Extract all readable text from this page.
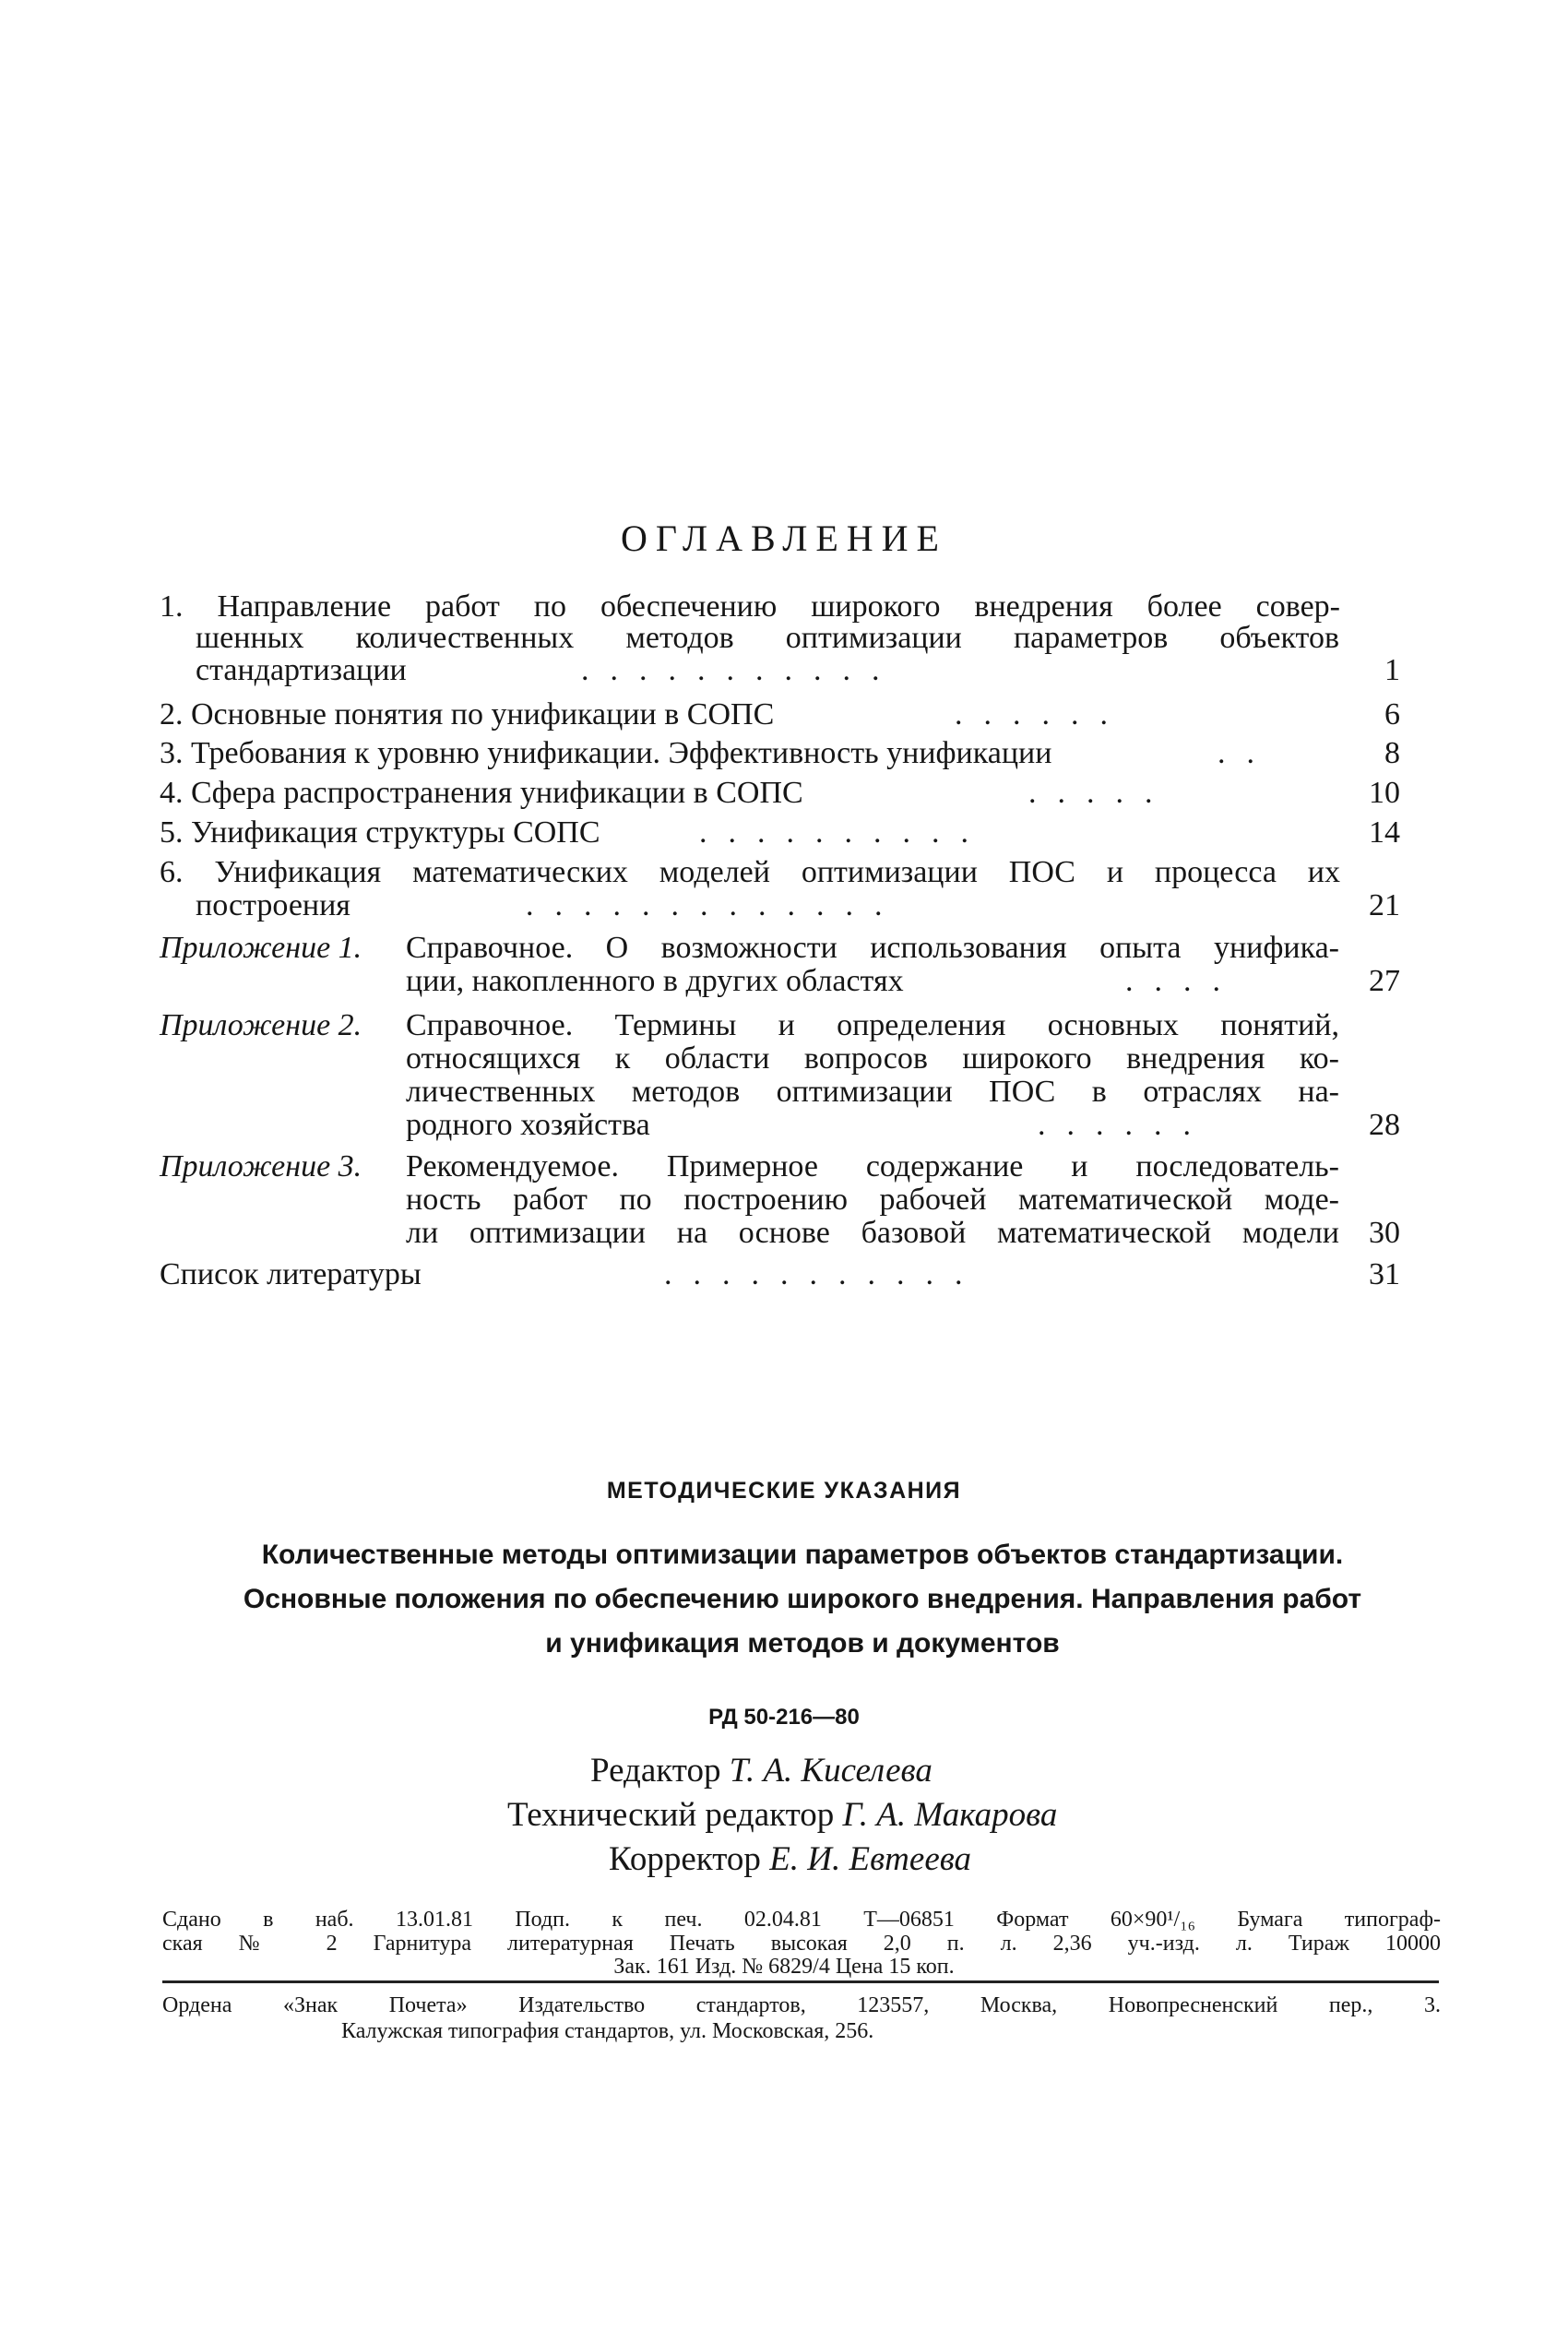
ОГЛАВЛЕНИЕ
1. Направление работ по обеспечению широкого внедрения более совер-
шенных количественных методов оптимизации параметров объектов
стандартизации	...........	1
2. Основные понятия по унификации в СОПС	......	6
3. Требования к уровню унификации. Эффективность унификации	..	8
4. Сфера распространения унификации в СОПС	.....	10
5. Унификация структуры СОПС	..........	14
6. Унификация математических моделей оптимизации ПОС и процесса их
построения	.............	21
Приложение 1.	Справочное. О возможности использования опыта унифика-
ции, накопленного в других областях	....	27
Приложение 2.	Справочное. Термины и определения основных понятий,
относящихся к области вопросов широкого внедрения ко-
личественных методов оптимизации ПОС в отраслях на-
родного хозяйства	......	28
Приложение 3.	Рекомендуемое. Примерное содержание и последователь-
ность работ по построению рабочей математической моде-
ли оптимизации на основе базовой математической модели 30
Список литературы	...........	31
МЕТОДИЧЕСКИЕ УКАЗАНИЯ
Количественные методы оптимизации параметров объектов стандартизации.
Основные положения по обеспечению широкого внедрения. Направления работ
и унификация методов и документов
РД 50-216—80
Редактор Т. А. Киселева
Технический редактор Г. А. Макарова
Корректор Е. И. Евтеева
Сдано в наб. 13.01.81 Подп. к печ. 02.04.81 Т—06851 Формат 60×90¹/₁₆ Бумага типограф-
ская № 2 Гарнитура литературная Печать высокая 2,0 п. л. 2,36 уч.-изд. л. Тираж 10000
Зак. 161 Изд. № 6829/4 Цена 15 коп.
Ордена «Знак Почета» Издательство стандартов, 123557, Москва, Новопресненский пер., 3.
Калужская типография стандартов, ул. Московская, 256.
